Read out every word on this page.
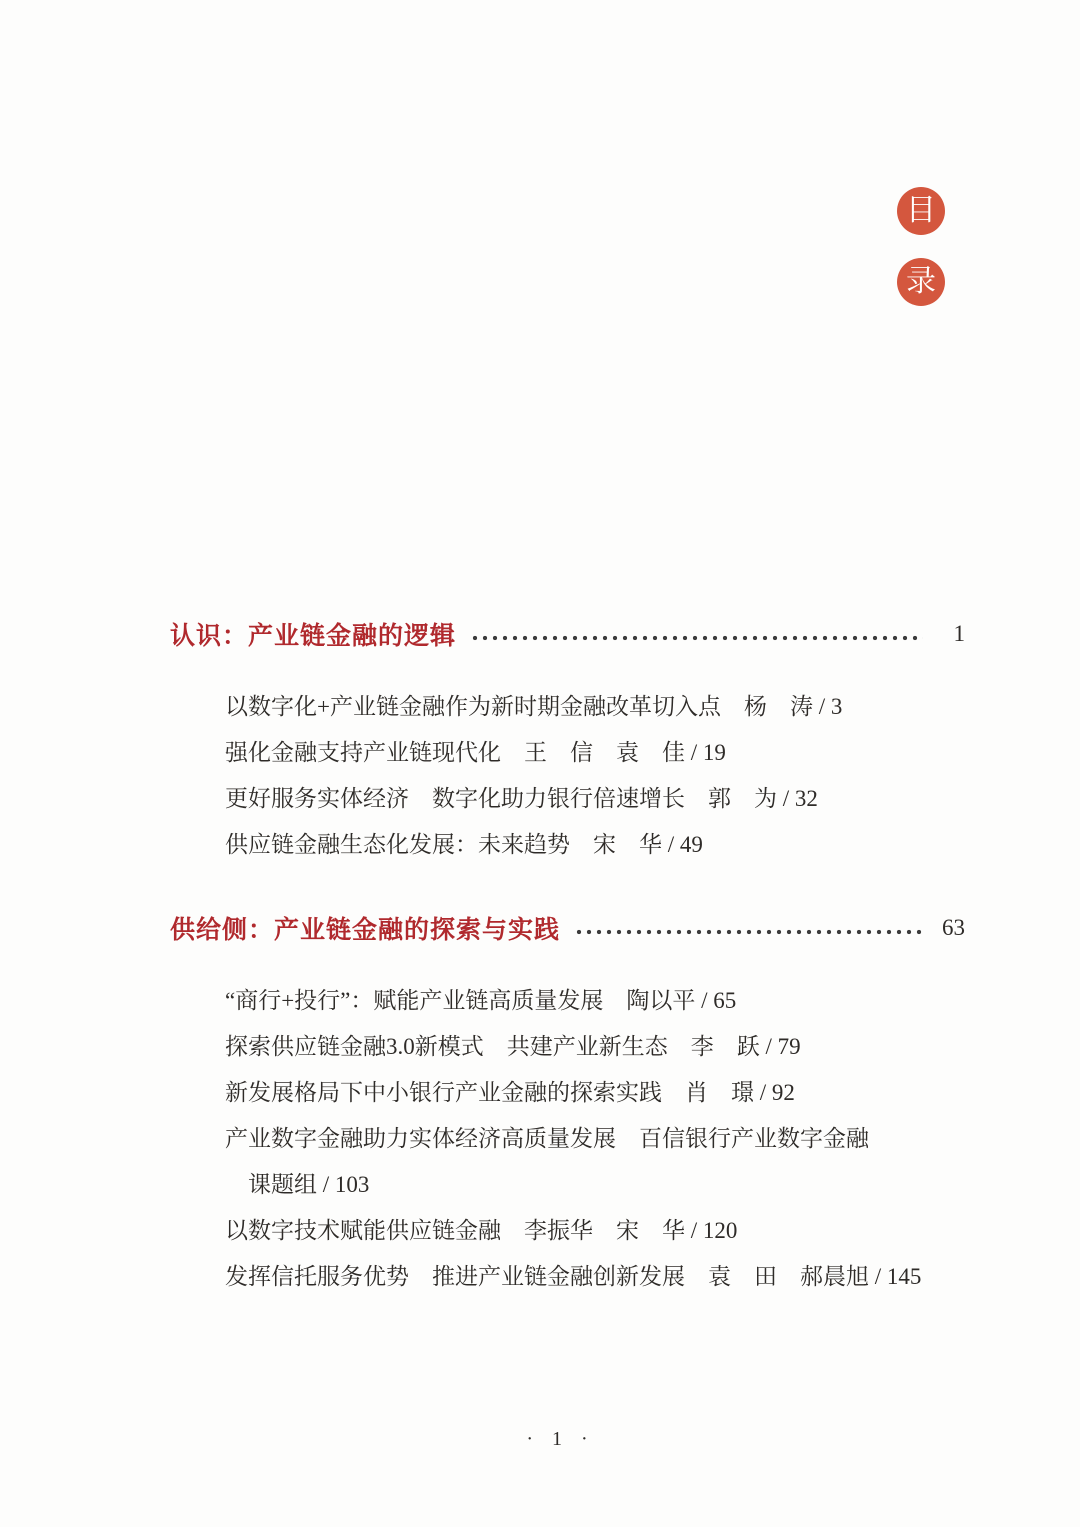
目
录
认识：产业链金融的逻辑	1
以数字化+产业链金融作为新时期金融改革切入点　杨　涛 / 3
强化金融支持产业链现代化　王　信　袁　佳 / 19
更好服务实体经济　数字化助力银行倍速增长　郭　为 / 32
供应链金融生态化发展：未来趋势　宋　华 / 49
供给侧：产业链金融的探索与实践	63
“商行+投行”：赋能产业链高质量发展　陶以平 / 65
探索供应链金融3.0新模式　共建产业新生态　李　跃 / 79
新发展格局下中小银行产业金融的探索实践　肖　璟 / 92
产业数字金融助力实体经济高质量发展　百信银行产业数字金融
课题组 / 103
以数字技术赋能供应链金融　李振华　宋　华 / 120
发挥信托服务优势　推进产业链金融创新发展　袁　田　郝晨旭 / 145
· 1 ·
